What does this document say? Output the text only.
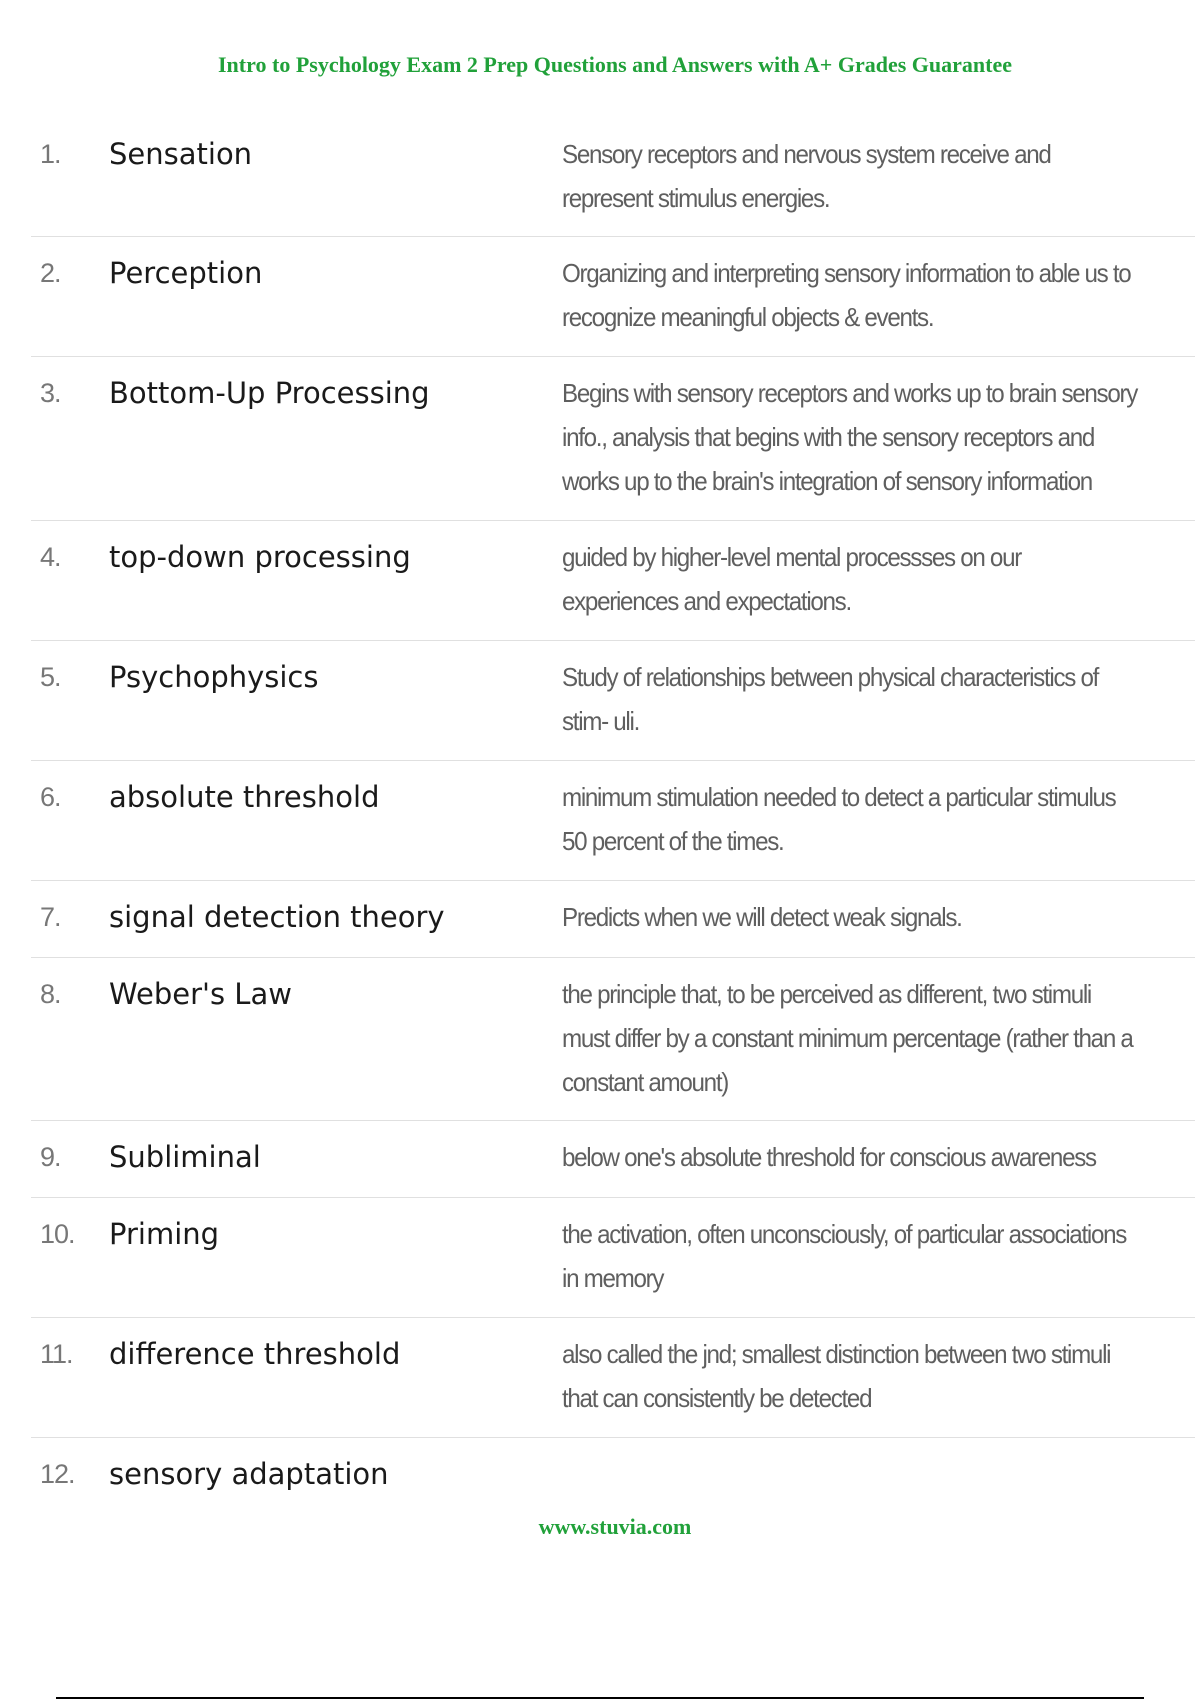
Intro to Psychology Exam 2 Prep Questions and Answers with A+ Grades Guarantee
1.	Sensation	Sensory receptors and nervous system receive and represent stimulus energies.
2.	Perception	Organizing and interpreting sensory information to able us to recognize meaningful objects & events.
3.	Bottom-Up Processing	Begins with sensory receptors and works up to brain sensory info., analysis that begins with the sensory receptors and works up to the brain's integration of sensory information
4.	top-down processing	guided by higher-level mental processses on our experiences and expectations.
5.	Psychophysics	Study of relationships between physical characteristics of stim- uli.
6.	absolute threshold	minimum stimulation needed to detect a particular stimulus 50 percent of the times.
7.	signal detection theory	Predicts when we will detect weak signals.
8.	Weber's Law	the principle that, to be perceived as different, two stimuli must differ by a constant minimum percentage (rather than a constant amount)
9.	Subliminal	below one's absolute threshold for conscious awareness
10.	Priming	the activation, often unconsciously, of particular associations in memory
11.	difference threshold	also called the jnd; smallest distinction between two stimuli that can consistently be detected
12.	sensory adaptation
www.stuvia.com
